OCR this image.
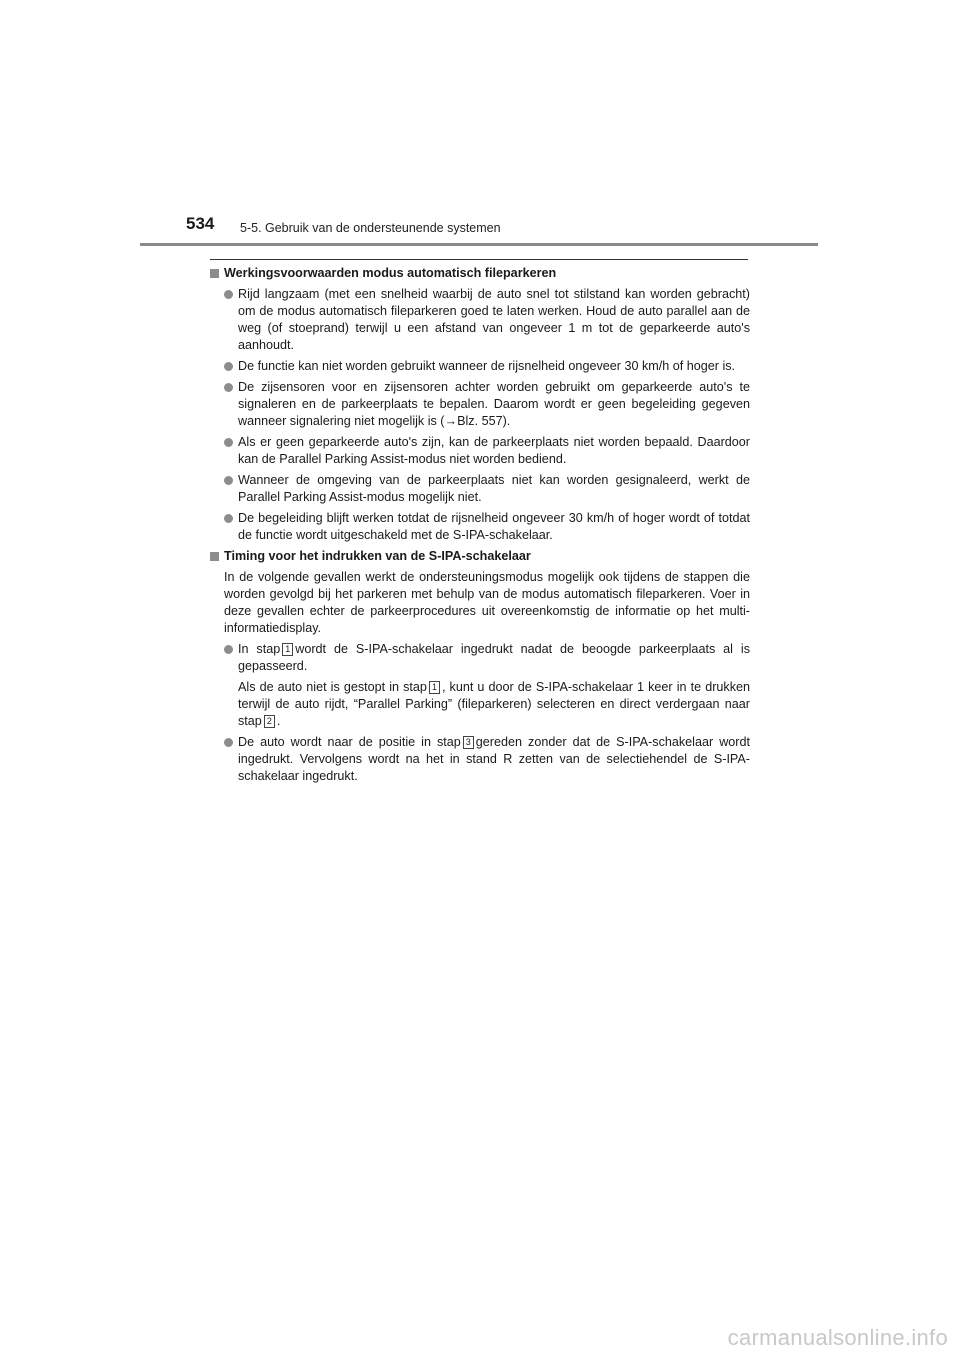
534 5-5. Gebruik van de ondersteunende systemen
Werkingsvoorwaarden modus automatisch fileparkeren

Rijd langzaam (met een snelheid waarbij de auto snel tot stilstand kan worden gebracht) om de modus automatisch fileparkeren goed te laten werken. Houd de auto parallel aan de weg (of stoeprand) terwijl u een afstand van ongeveer 1 m tot de geparkeerde auto's aanhoudt.

De functie kan niet worden gebruikt wanneer de rijsnelheid ongeveer 30 km/h of hoger is.

De zijsensoren voor en zijsensoren achter worden gebruikt om geparkeerde auto's te signaleren en de parkeerplaats te bepalen. Daarom wordt er geen begeleiding gegeven wanneer signalering niet mogelijk is (→Blz. 557).

Als er geen geparkeerde auto's zijn, kan de parkeerplaats niet worden bepaald. Daardoor kan de Parallel Parking Assist-modus niet worden bediend.

Wanneer de omgeving van de parkeerplaats niet kan worden gesignaleerd, werkt de Parallel Parking Assist-modus mogelijk niet.

De begeleiding blijft werken totdat de rijsnelheid ongeveer 30 km/h of hoger wordt of totdat de functie wordt uitgeschakeld met de S-IPA-schakelaar.

Timing voor het indrukken van de S-IPA-schakelaar
In de volgende gevallen werkt de ondersteuningsmodus mogelijk ook tijdens de stappen die worden gevolgd bij het parkeren met behulp van de modus automatisch fileparkeren. Voer in deze gevallen echter de parkeerprocedures uit overeenkomstig de informatie op het multi-informatiedisplay.

In stap 1 wordt de S-IPA-schakelaar ingedrukt nadat de beoogde parkeerplaats al is gepasseerd.

Als de auto niet is gestopt in stap 1 , kunt u door de S-IPA-schakelaar 1 keer in te drukken terwijl de auto rijdt, “Parallel Parking” (fileparkeren) selecteren en direct verdergaan naar stap 2 .

De auto wordt naar de positie in stap 3 gereden zonder dat de S-IPA-schakelaar wordt ingedrukt. Vervolgens wordt na het in stand R zetten van de selectiehendel de S-IPA-schakelaar ingedrukt.

carmanualsonline.info
